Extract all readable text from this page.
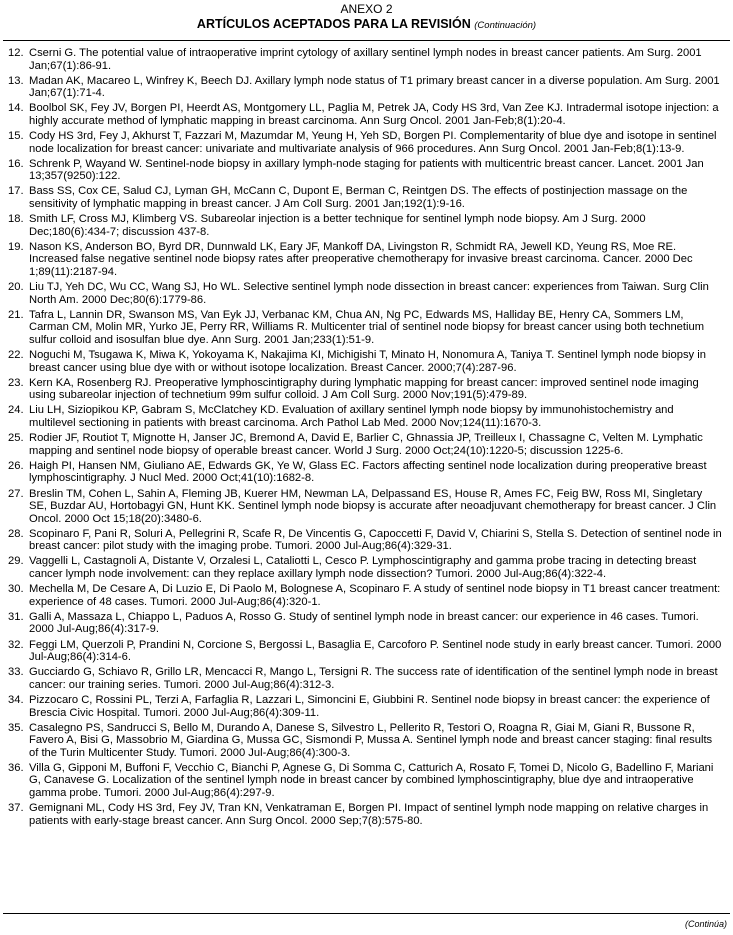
ANEXO 2
ARTÍCULOS ACEPTADOS PARA LA REVISIÓN (Continuación)
12. Cserni G. The potential value of intraoperative imprint cytology of axillary sentinel lymph nodes in breast cancer patients. Am Surg. 2001 Jan;67(1):86-91.
13. Madan AK, Macareo L, Winfrey K, Beech DJ. Axillary lymph node status of T1 primary breast cancer in a diverse population. Am Surg. 2001 Jan;67(1):71-4.
14. Boolbol SK, Fey JV, Borgen PI, Heerdt AS, Montgomery LL, Paglia M, Petrek JA, Cody HS 3rd, Van Zee KJ. Intradermal isotope injection: a highly accurate method of lymphatic mapping in breast carcinoma. Ann Surg Oncol. 2001 Jan-Feb;8(1):20-4.
15. Cody HS 3rd, Fey J, Akhurst T, Fazzari M, Mazumdar M, Yeung H, Yeh SD, Borgen PI. Complementarity of blue dye and isotope in sentinel node localization for breast cancer: univariate and multivariate analysis of 966 procedures. Ann Surg Oncol. 2001 Jan-Feb;8(1):13-9.
16. Schrenk P, Wayand W. Sentinel-node biopsy in axillary lymph-node staging for patients with multicentric breast cancer. Lancet. 2001 Jan 13;357(9250):122.
17. Bass SS, Cox CE, Salud CJ, Lyman GH, McCann C, Dupont E, Berman C, Reintgen DS. The effects of postinjection massage on the sensitivity of lymphatic mapping in breast cancer. J Am Coll Surg. 2001 Jan;192(1):9-16.
18. Smith LF, Cross MJ, Klimberg VS. Subareolar injection is a better technique for sentinel lymph node biopsy. Am J Surg. 2000 Dec;180(6):434-7; discussion 437-8.
19. Nason KS, Anderson BO, Byrd DR, Dunnwald LK, Eary JF, Mankoff DA, Livingston R, Schmidt RA, Jewell KD, Yeung RS, Moe RE. Increased false negative sentinel node biopsy rates after preoperative chemotherapy for invasive breast carcinoma. Cancer. 2000 Dec 1;89(11):2187-94.
20. Liu TJ, Yeh DC, Wu CC, Wang SJ, Ho WL. Selective sentinel lymph node dissection in breast cancer: experiences from Taiwan. Surg Clin North Am. 2000 Dec;80(6):1779-86.
21. Tafra L, Lannin DR, Swanson MS, Van Eyk JJ, Verbanac KM, Chua AN, Ng PC, Edwards MS, Halliday BE, Henry CA, Sommers LM, Carman CM, Molin MR, Yurko JE, Perry RR, Williams R. Multicenter trial of sentinel node biopsy for breast cancer using both technetium sulfur colloid and isosulfan blue dye. Ann Surg. 2001 Jan;233(1):51-9.
22. Noguchi M, Tsugawa K, Miwa K, Yokoyama K, Nakajima KI, Michigishi T, Minato H, Nonomura A, Taniya T. Sentinel lymph node biopsy in breast cancer using blue dye with or without isotope localization. Breast Cancer. 2000;7(4):287-96.
23. Kern KA, Rosenberg RJ. Preoperative lymphoscintigraphy during lymphatic mapping for breast cancer: improved sentinel node imaging using subareolar injection of technetium 99m sulfur colloid. J Am Coll Surg. 2000 Nov;191(5):479-89.
24. Liu LH, Siziopikou KP, Gabram S, McClatchey KD. Evaluation of axillary sentinel lymph node biopsy by immunohistochemistry and multilevel sectioning in patients with breast carcinoma. Arch Pathol Lab Med. 2000 Nov;124(11):1670-3.
25. Rodier JF, Routiot T, Mignotte H, Janser JC, Bremond A, David E, Barlier C, Ghnassia JP, Treilleux I, Chassagne C, Velten M. Lymphatic mapping and sentinel node biopsy of operable breast cancer. World J Surg. 2000 Oct;24(10):1220-5; discussion 1225-6.
26. Haigh PI, Hansen NM, Giuliano AE, Edwards GK, Ye W, Glass EC. Factors affecting sentinel node localization during preoperative breast lymphoscintigraphy. J Nucl Med. 2000 Oct;41(10):1682-8.
27. Breslin TM, Cohen L, Sahin A, Fleming JB, Kuerer HM, Newman LA, Delpassand ES, House R, Ames FC, Feig BW, Ross MI, Singletary SE, Buzdar AU, Hortobagyi GN, Hunt KK. Sentinel lymph node biopsy is accurate after neoadjuvant chemotherapy for breast cancer. J Clin Oncol. 2000 Oct 15;18(20):3480-6.
28. Scopinaro F, Pani R, Soluri A, Pellegrini R, Scafe R, De Vincentis G, Capoccetti F, David V, Chiarini S, Stella S. Detection of sentinel node in breast cancer: pilot study with the imaging probe. Tumori. 2000 Jul-Aug;86(4):329-31.
29. Vaggelli L, Castagnoli A, Distante V, Orzalesi L, Cataliotti L, Cesco P. Lymphoscintigraphy and gamma probe tracing in detecting breast cancer lymph node involvement: can they replace axillary lymph node dissection? Tumori. 2000 Jul-Aug;86(4):322-4.
30. Mechella M, De Cesare A, Di Luzio E, Di Paolo M, Bolognese A, Scopinaro F. A study of sentinel node biopsy in T1 breast cancer treatment: experience of 48 cases. Tumori. 2000 Jul-Aug;86(4):320-1.
31. Galli A, Massaza L, Chiappo L, Paduos A, Rosso G. Study of sentinel lymph node in breast cancer: our experience in 46 cases. Tumori. 2000 Jul-Aug;86(4):317-9.
32. Feggi LM, Querzoli P, Prandini N, Corcione S, Bergossi L, Basaglia E, Carcoforo P. Sentinel node study in early breast cancer. Tumori. 2000 Jul-Aug;86(4):314-6.
33. Gucciardo G, Schiavo R, Grillo LR, Mencacci R, Mango L, Tersigni R. The success rate of identification of the sentinel lymph node in breast cancer: our training series. Tumori. 2000 Jul-Aug;86(4):312-3.
34. Pizzocaro C, Rossini PL, Terzi A, Farfaglia R, Lazzari L, Simoncini E, Giubbini R. Sentinel node biopsy in breast cancer: the experience of Brescia Civic Hospital. Tumori. 2000 Jul-Aug;86(4):309-11.
35. Casalegno PS, Sandrucci S, Bello M, Durando A, Danese S, Silvestro L, Pellerito R, Testori O, Roagna R, Giai M, Giani R, Bussone R, Favero A, Bisi G, Massobrio M, Giardina G, Mussa GC, Sismondi P, Mussa A. Sentinel lymph node and breast cancer staging: final results of the Turin Multicenter Study. Tumori. 2000 Jul-Aug;86(4):300-3.
36. Villa G, Gipponi M, Buffoni F, Vecchio C, Bianchi P, Agnese G, Di Somma C, Catturich A, Rosato F, Tomei D, Nicolo G, Badellino F, Mariani G, Canavese G. Localization of the sentinel lymph node in breast cancer by combined lymphoscintigraphy, blue dye and intraoperative gamma probe. Tumori. 2000 Jul-Aug;86(4):297-9.
37. Gemignani ML, Cody HS 3rd, Fey JV, Tran KN, Venkatraman E, Borgen PI. Impact of sentinel lymph node mapping on relative charges in patients with early-stage breast cancer. Ann Surg Oncol. 2000 Sep;7(8):575-80.
(Continúa)
